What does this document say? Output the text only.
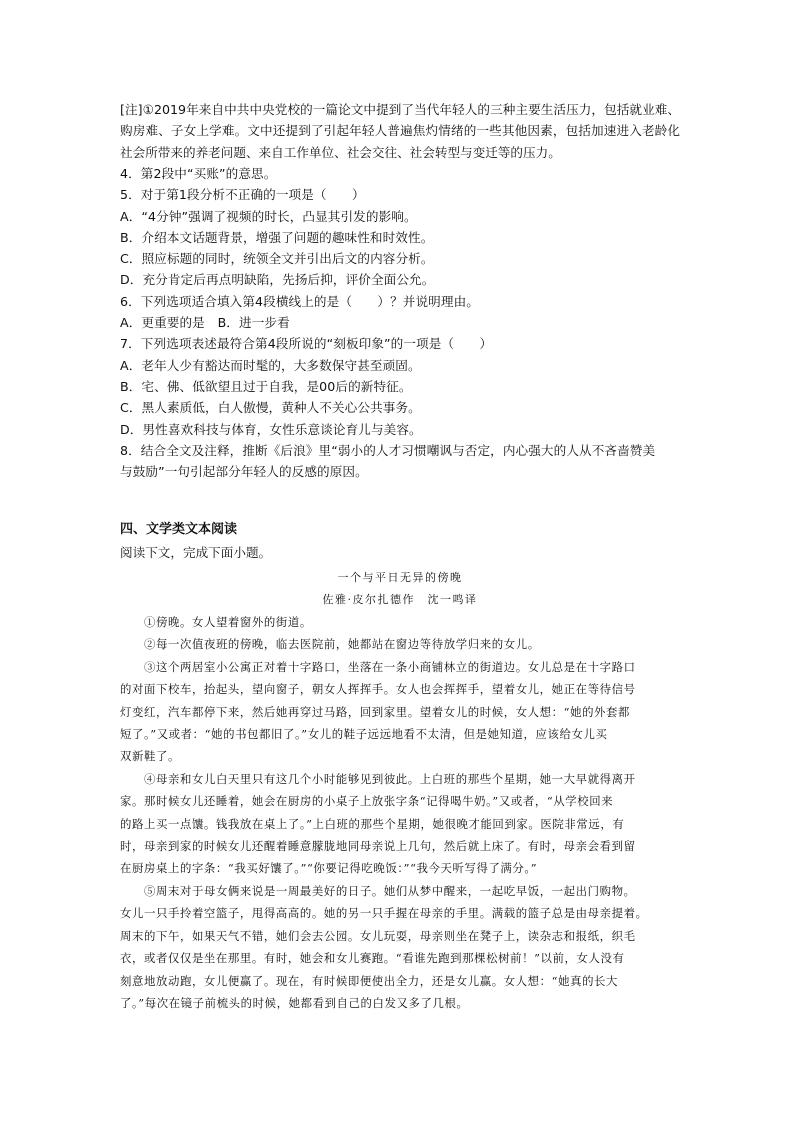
[注]①2019年来自中共中央党校的一篇论文中提到了当代年轻人的三种主要生活压力，包括就业难、购房难、子女上学难。文中还提到了引起年轻人普遍焦灼情绪的一些其他因素，包括加速进入老龄化社会所带来的养老问题、来自工作单位、社会交往、社会转型与变迁等的压力。

4．第2段中“买账”的意思。

5．对于第1段分析不正确的一项是（　　）

A．“4分钟”强调了视频的时长，凸显其引发的影响。

B．介绍本文话题背景，增强了问题的趣味性和时效性。

C．照应标题的同时，统领全文并引出后文的内容分析。

D．充分肯定后再点明缺陷，先扬后抑，评价全面公允。

6．下列选项适合填入第4段横线上的是（　　）？并说明理由。

A．更重要的是　B．进一步看

7．下列选项表述最符合第4段所说的“刻板印象”的一项是（　　）

A．老年人少有豁达而时髦的，大多数保守甚至顽固。

B．宅、佛、低欲望且过于自我，是00后的新特征。

C．黑人素质低，白人傲慢，黄种人不关心公共事务。

D．男性喜欢科技与体育，女性乐意谈论育儿与美容。

8．结合全文及注释，推断《后浪》里“弱小的人才习惯嘲讽与否定，内心强大的人从不吝啬赞美

与鼓励”一句引起部分年轻人的反感的原因。

四、文学类文本阅读

阅读下文，完成下面小题。

一个与平日无异的傍晚

佐雅·皮尔扎德作　沈一鸣译

①傍晚。女人望着窗外的街道。

②每一次值夜班的傍晚，临去医院前，她都站在窗边等待放学归来的女儿。

③这个两居室小公寓正对着十字路口，坐落在一条小商铺林立的街道边。女儿总是在十字路口
的对面下校车，抬起头，望向窗子，朝女人挥挥手。女人也会挥挥手，望着女儿，她正在等待信号
灯变红，汽车都停下来，然后她再穿过马路，回到家里。望着女儿的时候，女人想：“她的外套都
短了。”又或者：“她的书包都旧了。”女儿的鞋子远远地看不太清，但是她知道，应该给女儿买
双新鞋了。

④母亲和女儿白天里只有这几个小时能够见到彼此。上白班的那些个星期，她一大早就得离开
家。那时候女儿还睡着，她会在厨房的小桌子上放张字条“记得喝牛奶。”又或者，“从学校回来
的路上买一点馕。钱我放在桌上了。”上白班的那些个星期，她很晚才能回到家。医院非常远，有
时，母亲到家的时候女儿还醒着睡意朦胧地同母亲说上几句，然后就上床了。有时，母亲会看到留
在厨房桌上的字条：“我买好馕了。”“你要记得吃晚饭：”“我今天听写得了满分。”

⑤周末对于母女俩来说是一周最美好的日子。她们从梦中醒来，一起吃早饭，一起出门购物。
女儿一只手拎着空篮子，甩得高高的。她的另一只手握在母亲的手里。满载的篮子总是由母亲提着。
周末的下午，如果天气不错，她们会去公园。女儿玩耍，母亲则坐在凳子上，读杂志和报纸，织毛
衣，或者仅仅是坐在那里。有时，她会和女儿赛跑。“看谁先跑到那棵松树前！”以前，女人没有
刻意地放动跑，女儿便赢了。现在，有时候即便使出全力，还是女儿赢。女人想：“她真的长大
了。”每次在镜子前梳头的时候，她都看到自己的白发又多了几根。
